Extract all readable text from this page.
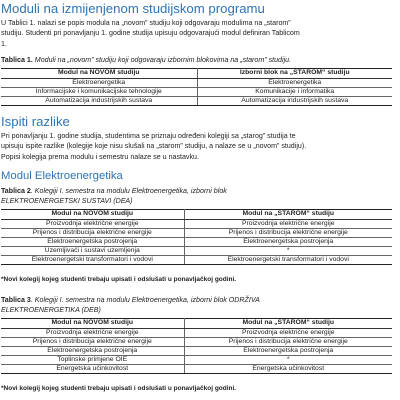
Moduli na izmijenjenom studijskom programu
U Tablici 1. nalazi se popis modula na „novom” studiju koji odgovaraju modulima na „starom”
studiju. Studenti pri ponavljanju 1. godine studija upisuju odgovarajući modul definiran Tablicom
1.
Tablica 1. Moduli na „novom” studiju koji odgovaraju izbornim blokovima na „starom” studiju.
Modul na NOVOM studiju	Izborni blok na „STAROM“ studiju
Elektroenergetika	Elektroenergetika
Informacijske i komunikacijske tehnologije	Komunikacije i informatika
Automatizacija industrijskih sustava	Automatizacija industrijskih sustava
Ispiti razlike
Pri ponavljanju 1. godine studija, studentima se priznaju određeni kolegiji sa „starog” studija te
upisuju ispite razlike (kolegije koje nisu slušali na „starom” studiju, a nalaze se u „novom” studiju).
Popisi kolegija prema modulu i semestru nalaze se u nastavku.
Modul Elektroenergetika
Tablica 2. Kolegiji I. semestra na modulu Elektroenergetika, izborni blok
ELEKTROENERGETSKI SUSTAVI (DEA)
Modul na NOVOM studiju	Modul na „STAROM“ studiju
Proizvodnja električne energije	Proizvodnja električne energije
Prijenos i distribucija električne energije	Prijenos i distribucija električne energije
Elektroenergetska postrojenja	Elektroenergetska postrojenja
Uzemljivači i sustavi uzemljenja	*
Elektroenergetski transformatori i vodovi	Elektroenergetski transformatori i vodovi
*Novi kolegij kojeg studenti trebaju upisati i odslušati u ponavljačkoj godini.
Tablica 3. Kolegiji I. semestra na modulu Elektroenergetika, izborni blok ODRŽIVA
ELEKTROENERGETIKA (DEB)
Modul na NOVOM studiju	Modul na „STAROM“ studiju
Proizvodnja električne energije	Proizvodnja električne energije
Prijenos i distribucija električne energije	Prijenos i distribucija električne energije
Elektroenergetska postrojenja	Elektroenergetska postrojenja
Toplinske primjene OIE	*
Energetska učinkovitost	Energetska učinkovitost
*Novi kolegij kojeg studenti trebaju upisati i odslušati u ponavljačkoj godini.
